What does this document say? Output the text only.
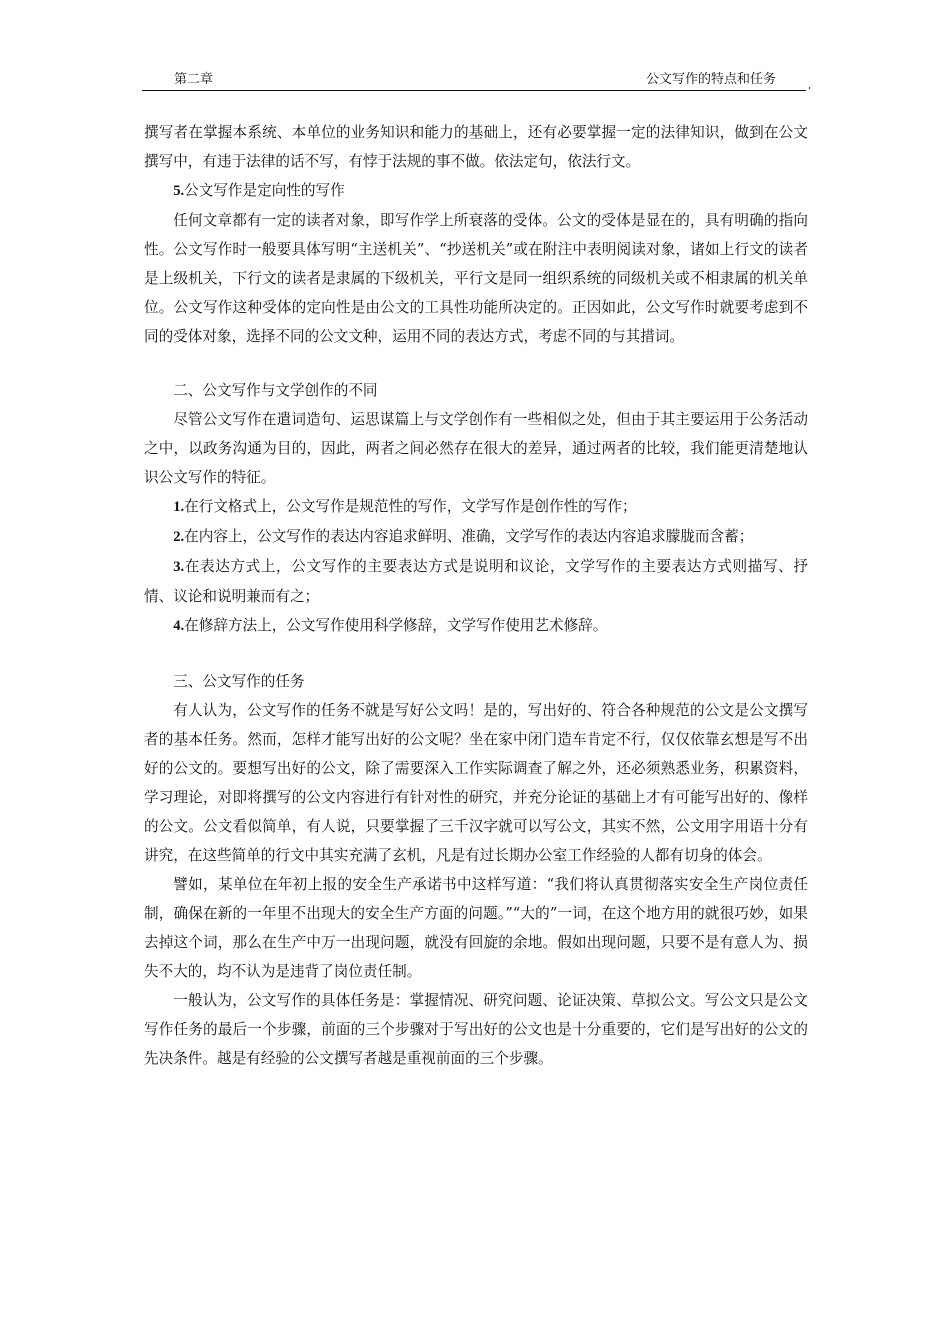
第二章	公文写作的特点和任务	,

撰写者在掌握本系统、本单位的业务知识和能力的基础上，还有必要掌握一定的法律知识，做到在公文撰写中，有违于法律的话不写，有悖于法规的事不做。依法定句，依法行文。

5.公文写作是定向性的写作

任何文章都有一定的读者对象，即写作学上所衰落的受体。公文的受体是显在的，具有明确的指向性。公文写作时一般要具体写明“主送机关”、“抄送机关”或在附注中表明阅读对象，诸如上行文的读者是上级机关，下行文的读者是隶属的下级机关，平行文是同一组织系统的同级机关或不相隶属的机关单位。公文写作这种受体的定向性是由公文的工具性功能所决定的。正因如此，公文写作时就要考虑到不同的受体对象，选择不同的公文文种，运用不同的表达方式，考虑不同的与其措词。

二、公文写作与文学创作的不同

尽管公文写作在遣词造句、运思谋篇上与文学创作有一些相似之处，但由于其主要运用于公务活动之中，以政务沟通为目的，因此，两者之间必然存在很大的差异，通过两者的比较，我们能更清楚地认识公文写作的特征。

1.在行文格式上，公文写作是规范性的写作，文学写作是创作性的写作；

2.在内容上，公文写作的表达内容追求鲜明、准确，文学写作的表达内容追求朦胧而含蓄；

3.在表达方式上，公文写作的主要表达方式是说明和议论，文学写作的主要表达方式则描写、抒情、议论和说明兼而有之；

4.在修辞方法上，公文写作使用科学修辞，文学写作使用艺术修辞。

三、公文写作的任务

有人认为，公文写作的任务不就是写好公文吗！是的，写出好的、符合各种规范的公文是公文撰写者的基本任务。然而，怎样才能写出好的公文呢？坐在家中闭门造车肯定不行，仅仅依靠玄想是写不出好的公文的。要想写出好的公文，除了需要深入工作实际调查了解之外，还必须熟悉业务，积累资料，学习理论，对即将撰写的公文内容进行有针对性的研究，并充分论证的基础上才有可能写出好的、像样的公文。公文看似简单，有人说，只要掌握了三千汉字就可以写公文，其实不然，公文用字用语十分有讲究，在这些简单的行文中其实充满了玄机，凡是有过长期办公室工作经验的人都有切身的体会。

譬如，某单位在年初上报的安全生产承诺书中这样写道：“我们将认真贯彻落实安全生产岗位责任制，确保在新的一年里不出现大的安全生产方面的问题。”“大的”一词，在这个地方用的就很巧妙，如果去掉这个词，那么在生产中万一出现问题，就没有回旋的余地。假如出现问题，只要不是有意人为、损失不大的，均不认为是违背了岗位责任制。

一般认为，公文写作的具体任务是：掌握情况、研究问题、论证决策、草拟公文。写公文只是公文写作任务的最后一个步骤，前面的三个步骤对于写出好的公文也是十分重要的，它们是写出好的公文的先决条件。越是有经验的公文撰写者越是重视前面的三个步骤。
